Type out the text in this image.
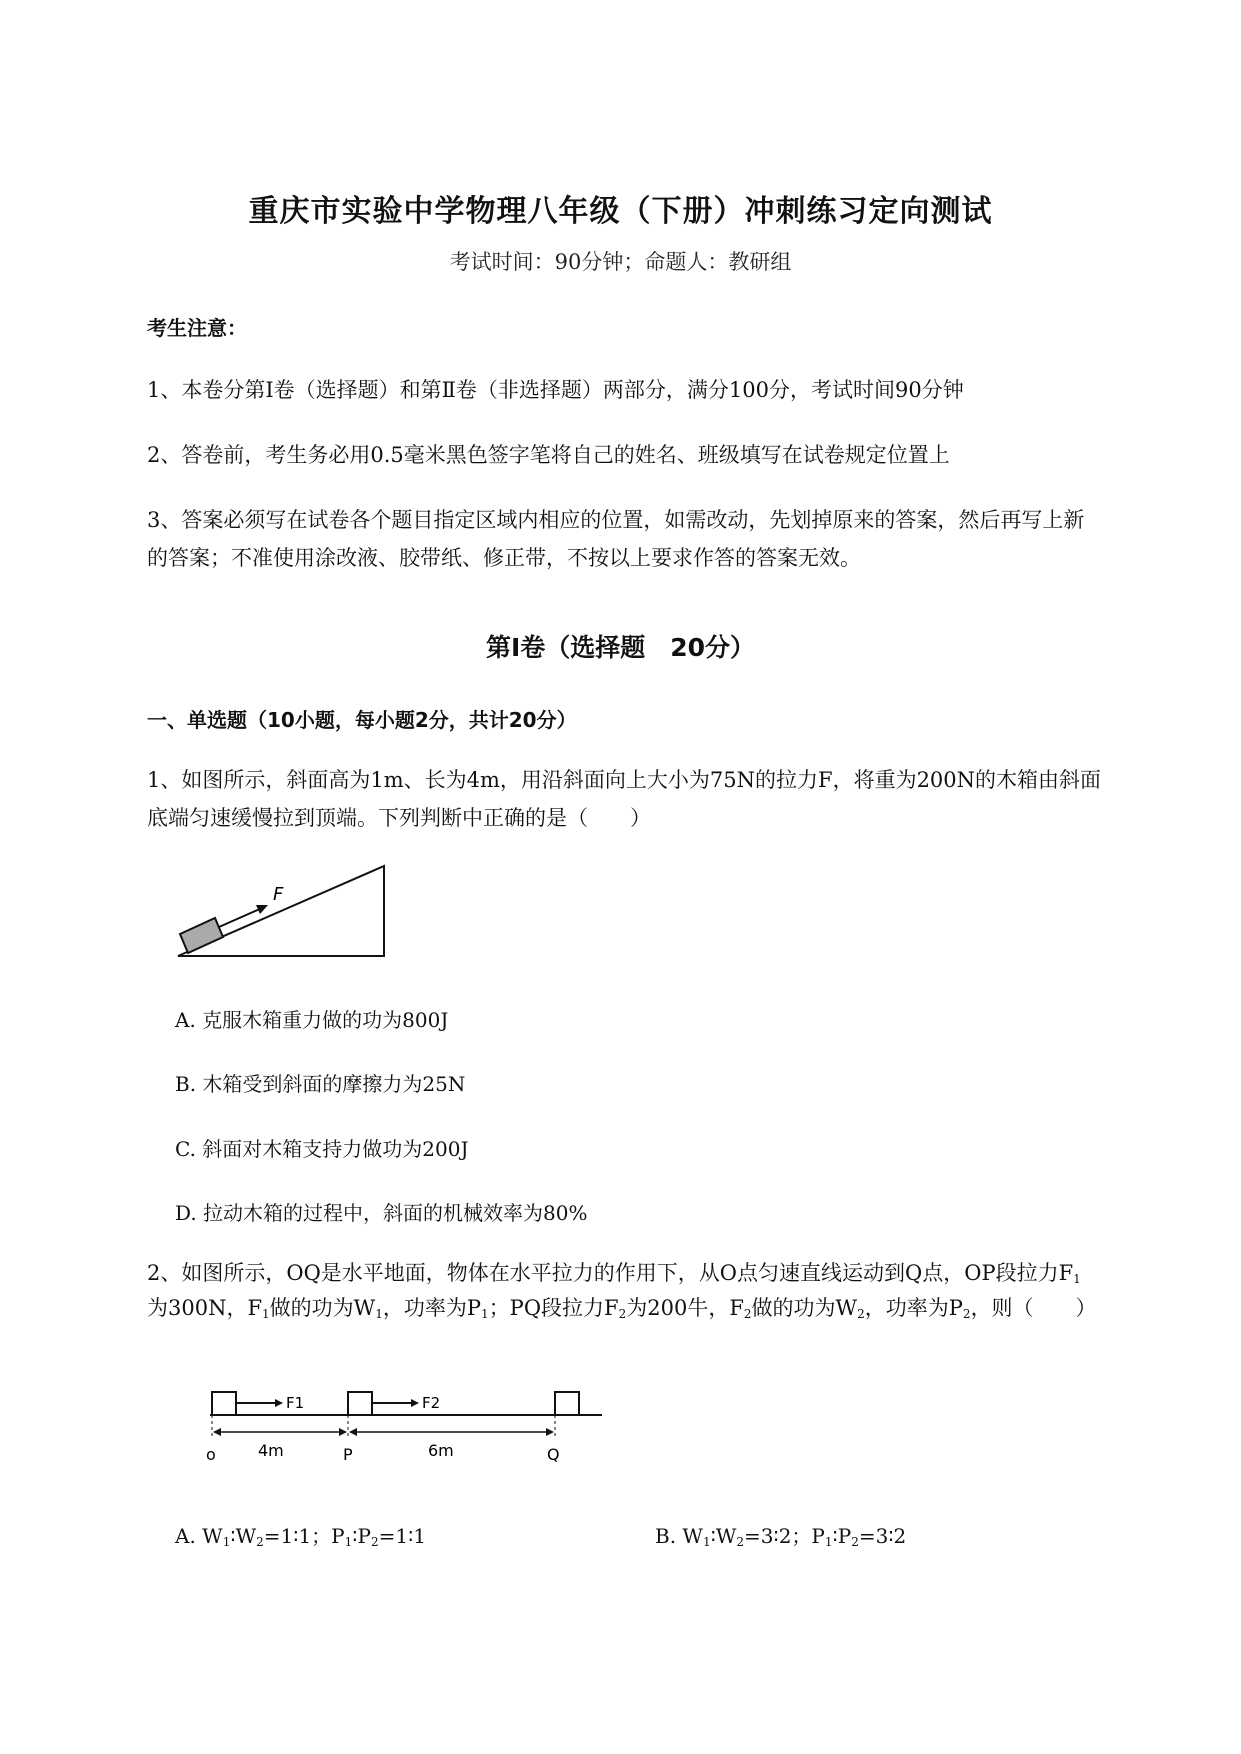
重庆市实验中学物理八年级（下册）冲刺练习定向测试
考试时间：90分钟；命题人：教研组
考生注意：
1、本卷分第Ⅰ卷（选择题）和第Ⅱ卷（非选择题）两部分，满分100分，考试时间90分钟
2、答卷前，考生务必用0.5毫米黑色签字笔将自己的姓名、班级填写在试卷规定位置上
3、答案必须写在试卷各个题目指定区域内相应的位置，如需改动，先划掉原来的答案，然后再写上新
的答案；不准使用涂改液、胶带纸、修正带，不按以上要求作答的答案无效。
第Ⅰ卷（选择题　20分）
一、单选题（10小题，每小题2分，共计20分）
1、如图所示，斜面高为1m、长为4m，用沿斜面向上大小为75N的拉力F，将重为200N的木箱由斜面
底端匀速缓慢拉到顶端。下列判断中正确的是（　　）
F
A. 克服木箱重力做的功为800J
B. 木箱受到斜面的摩擦力为25N
C. 斜面对木箱支持力做功为200J
D. 拉动木箱的过程中，斜面的机械效率为80%
2、如图所示，OQ是水平地面，物体在水平拉力的作用下，从O点匀速直线运动到Q点，OP段拉力$F_1$
为300N，$F_1$做的功为$W_1$，功率为$P_1$；PQ段拉力$F_2$为200牛，$F_2$做的功为$W_2$，功率为$P_2$，则（　　）
F1	F2
o	P	Q
4m	6m
A. $W_1∶W_2=1∶1$；$P_1∶P_2=1∶1$	B. $W_1∶W_2=3∶2$；$P_1∶P_2=3∶2$
